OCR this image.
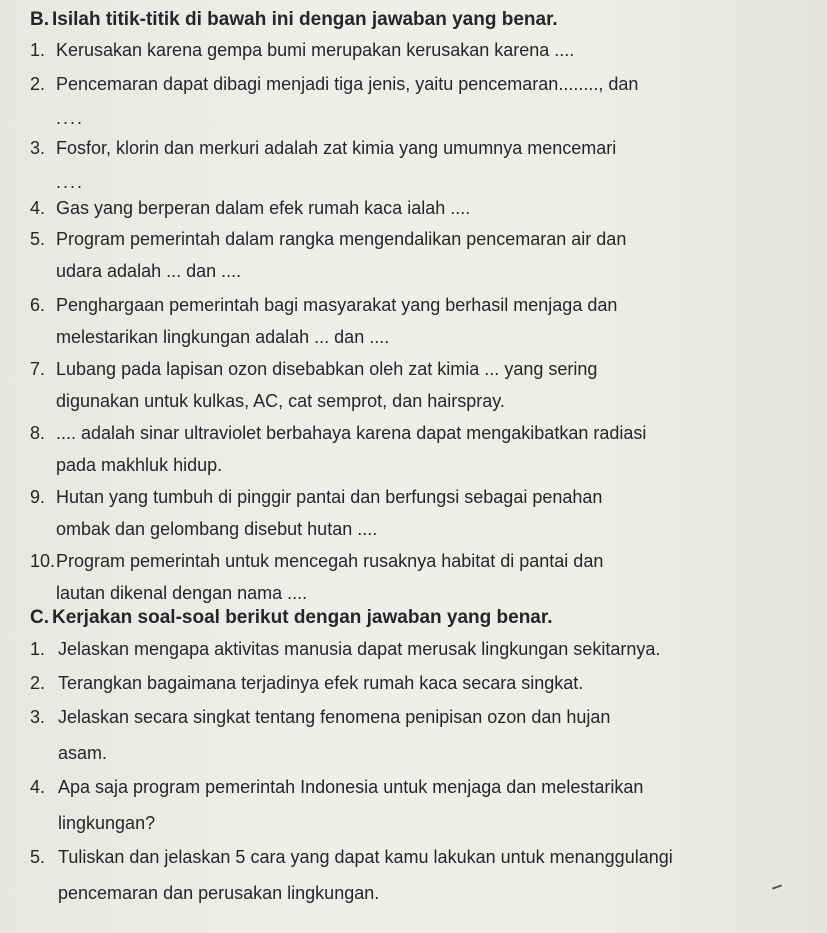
B. Isilah titik-titik di bawah ini dengan jawaban yang benar.

1. Kerusakan karena gempa bumi merupakan kerusakan karena ....
2. Pencemaran dapat dibagi menjadi tiga jenis, yaitu pencemaran........, dan
....
3. Fosfor, klorin dan merkuri adalah zat kimia yang umumnya mencemari
....
4. Gas yang berperan dalam efek rumah kaca ialah ....
5. Program pemerintah dalam rangka mengendalikan pencemaran air dan
udara adalah ... dan ....
6. Penghargaan pemerintah bagi masyarakat yang berhasil menjaga dan
melestarikan lingkungan adalah ... dan ....
7. Lubang pada lapisan ozon disebabkan oleh zat kimia ... yang sering
digunakan untuk kulkas, AC, cat semprot, dan hairspray.
8. .... adalah sinar ultraviolet berbahaya karena dapat mengakibatkan radiasi
pada makhluk hidup.
9. Hutan yang tumbuh di pinggir pantai dan berfungsi sebagai penahan
ombak dan gelombang disebut hutan ....
10. Program pemerintah untuk mencegah rusaknya habitat di pantai dan
lautan dikenal dengan nama ....

C. Kerjakan soal-soal berikut dengan jawaban yang benar.

1. Jelaskan mengapa aktivitas manusia dapat merusak lingkungan sekitarnya.
2. Terangkan bagaimana terjadinya efek rumah kaca secara singkat.
3. Jelaskan secara singkat tentang fenomena penipisan ozon dan hujan
asam.
4. Apa saja program pemerintah Indonesia untuk menjaga dan melestarikan
lingkungan?
5. Tuliskan dan jelaskan 5 cara yang dapat kamu lakukan untuk menanggulangi
pencemaran dan perusakan lingkungan.
